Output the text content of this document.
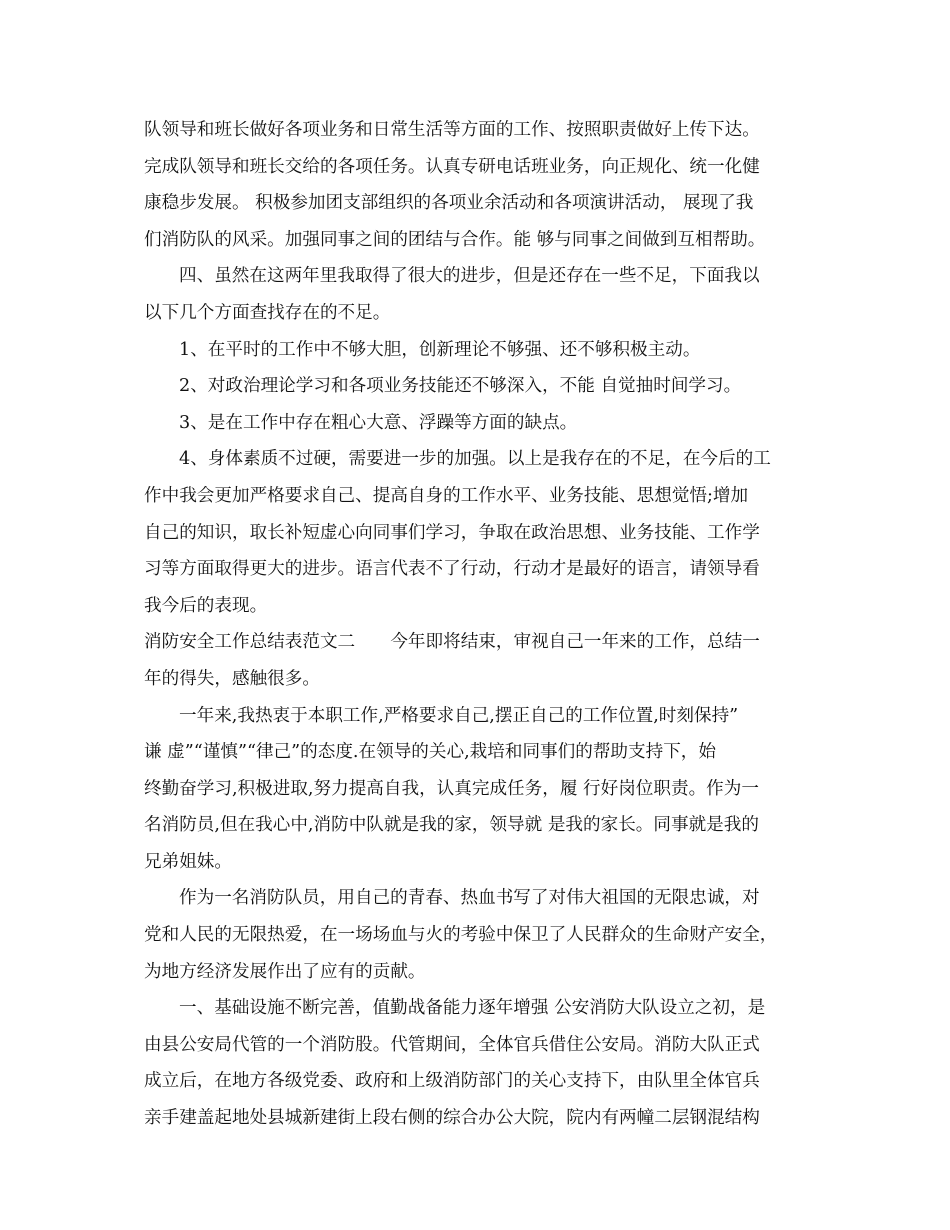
队领导和班长做好各项业务和日常生活等方面的工作、按照职责做好上传下达。
完成队领导和班长交给的各项任务。认真专研电话班业务，向正规化、统一化健
康稳步发展。 积极参加团支部组织的各项业余活动和各项演讲活动， 展现了我
们消防队的风采。加强同事之间的团结与合作。能 够与同事之间做到互相帮助。
四、虽然在这两年里我取得了很大的进步，但是还存在一些不足，下面我以
以下几个方面查找存在的不足。
1、在平时的工作中不够大胆，创新理论不够强、还不够积极主动。
2、对政治理论学习和各项业务技能还不够深入，不能 自觉抽时间学习。
3、是在工作中存在粗心大意、浮躁等方面的缺点。
4、身体素质不过硬，需要进一步的加强。以上是我存在的不足，在今后的工
作中我会更加严格要求自己、提高自身的工作水平、业务技能、思想觉悟;增加
自己的知识，取长补短虚心向同事们学习，争取在政治思想、业务技能、工作学
习等方面取得更大的进步。语言代表不了行动，行动才是最好的语言，请领导看
我今后的表现。
消防安全工作总结表范文二　　今年即将结束，审视自己一年来的工作，总结一
年的得失，感触很多。
一年来,我热衷于本职工作,严格要求自己,摆正自己的工作位置,时刻保持”
谦 虚”“谨慎”“律己”的态度.在领导的关心,栽培和同事们的帮助支持下，始
终勤奋学习,积极进取,努力提高自我，认真完成任务，履 行好岗位职责。作为一
名消防员,但在我心中,消防中队就是我的家，领导就 是我的家长。同事就是我的
兄弟姐妹。
作为一名消防队员，用自己的青春、热血书写了对伟大祖国的无限忠诚，对
党和人民的无限热爱，在一场场血与火的考验中保卫了人民群众的生命财产安全，
为地方经济发展作出了应有的贡献。
一、基础设施不断完善，值勤战备能力逐年增强 公安消防大队设立之初，是
由县公安局代管的一个消防股。代管期间，全体官兵借住公安局。消防大队正式
成立后，在地方各级党委、政府和上级消防部门的关心支持下，由队里全体官兵
亲手建盖起地处县城新建街上段右侧的综合办公大院，院内有两幢二层钢混结构
